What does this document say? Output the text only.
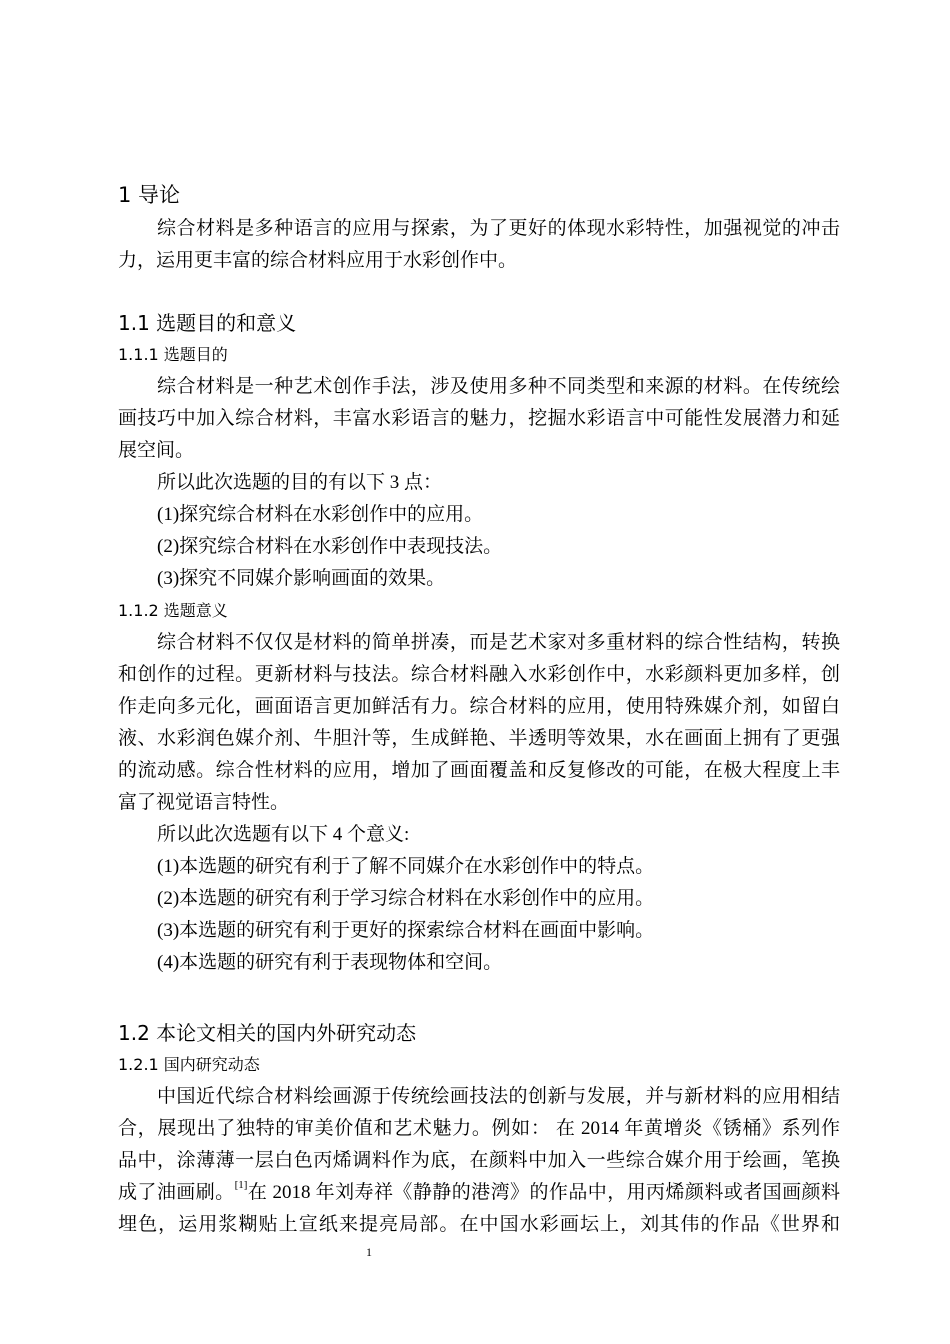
1 导论
综合材料是多种语言的应用与探索，为了更好的体现水彩特性，加强视觉的冲击
力，运用更丰富的综合材料应用于水彩创作中。
1.1 选题目的和意义
1.1.1 选题目的
综合材料是一种艺术创作手法，涉及使用多种不同类型和来源的材料。在传统绘
画技巧中加入综合材料，丰富水彩语言的魅力，挖掘水彩语言中可能性发展潜力和延
展空间。
所以此次选题的目的有以下 3 点：
(1)探究综合材料在水彩创作中的应用。
(2)探究综合材料在水彩创作中表现技法。
(3)探究不同媒介影响画面的效果。
1.1.2 选题意义
综合材料不仅仅是材料的简单拼凑，而是艺术家对多重材料的综合性结构，转换
和创作的过程。更新材料与技法。综合材料融入水彩创作中，水彩颜料更加多样，创
作走向多元化，画面语言更加鲜活有力。综合材料的应用，使用特殊媒介剂，如留白
液、水彩润色媒介剂、牛胆汁等，生成鲜艳、半透明等效果，水在画面上拥有了更强
的流动感。综合性材料的应用，增加了画面覆盖和反复修改的可能，在极大程度上丰
富了视觉语言特性。
所以此次选题有以下 4 个意义:
(1)本选题的研究有利于了解不同媒介在水彩创作中的特点。
(2)本选题的研究有利于学习综合材料在水彩创作中的应用。
(3)本选题的研究有利于更好的探索综合材料在画面中影响。
(4)本选题的研究有利于表现物体和空间。
1.2 本论文相关的国内外研究动态
1.2.1 国内研究动态
中国近代综合材料绘画源于传统绘画技法的创新与发展，并与新材料的应用相结
合，展现出了独特的审美价值和艺术魅力。例如： 在 2014 年黄增炎《锈桶》系列作
品中，涂薄薄一层白色丙烯调料作为底，在颜料中加入一些综合媒介用于绘画，笔换
成了油画刷。[1]在 2018 年刘寿祥《静静的港湾》的作品中，用丙烯颜料或者国画颜料
埋色，运用浆糊贴上宣纸来提亮局部。在中国水彩画坛上，刘其伟的作品《世界和
1
